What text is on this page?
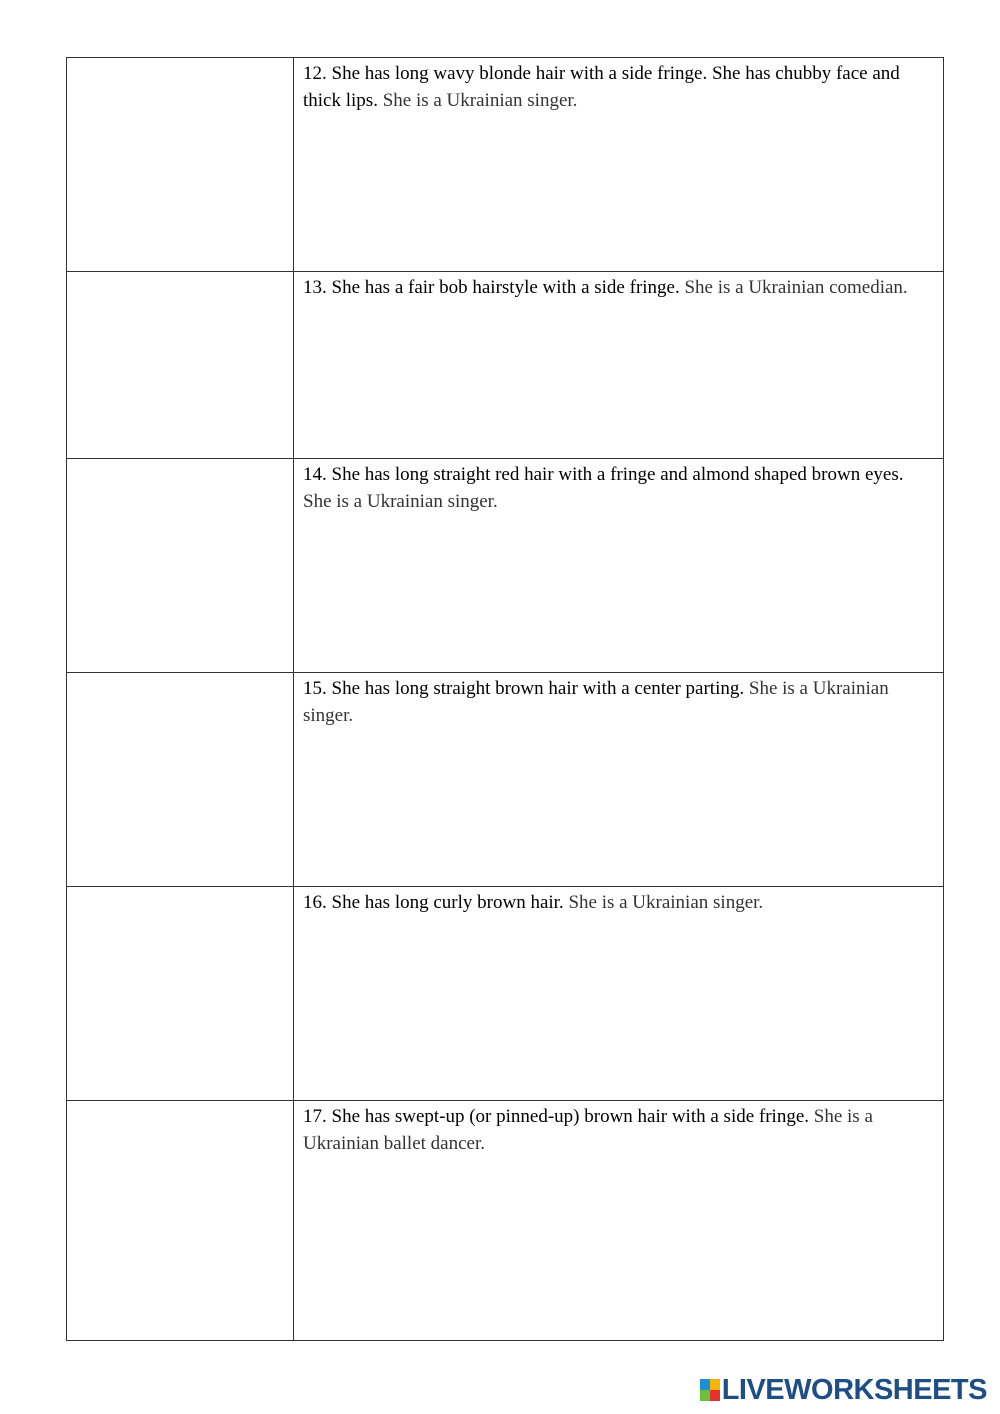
	12. She has long wavy blonde hair with a side fringe. She has chubby face and thick lips. She is a Ukrainian singer.

	13. She has a fair bob hairstyle with a side fringe. She is a Ukrainian comedian.

	14. She has long straight red hair with a fringe and almond shaped brown eyes. She is a Ukrainian singer.

	15. She has long straight brown hair with a center parting. She is a Ukrainian singer.

	16. She has long curly brown hair. She is a Ukrainian singer.

	17. She has swept-up (or pinned-up) brown hair with a side fringe. She is a Ukrainian ballet dancer.
LIVEWORKSHEETS
